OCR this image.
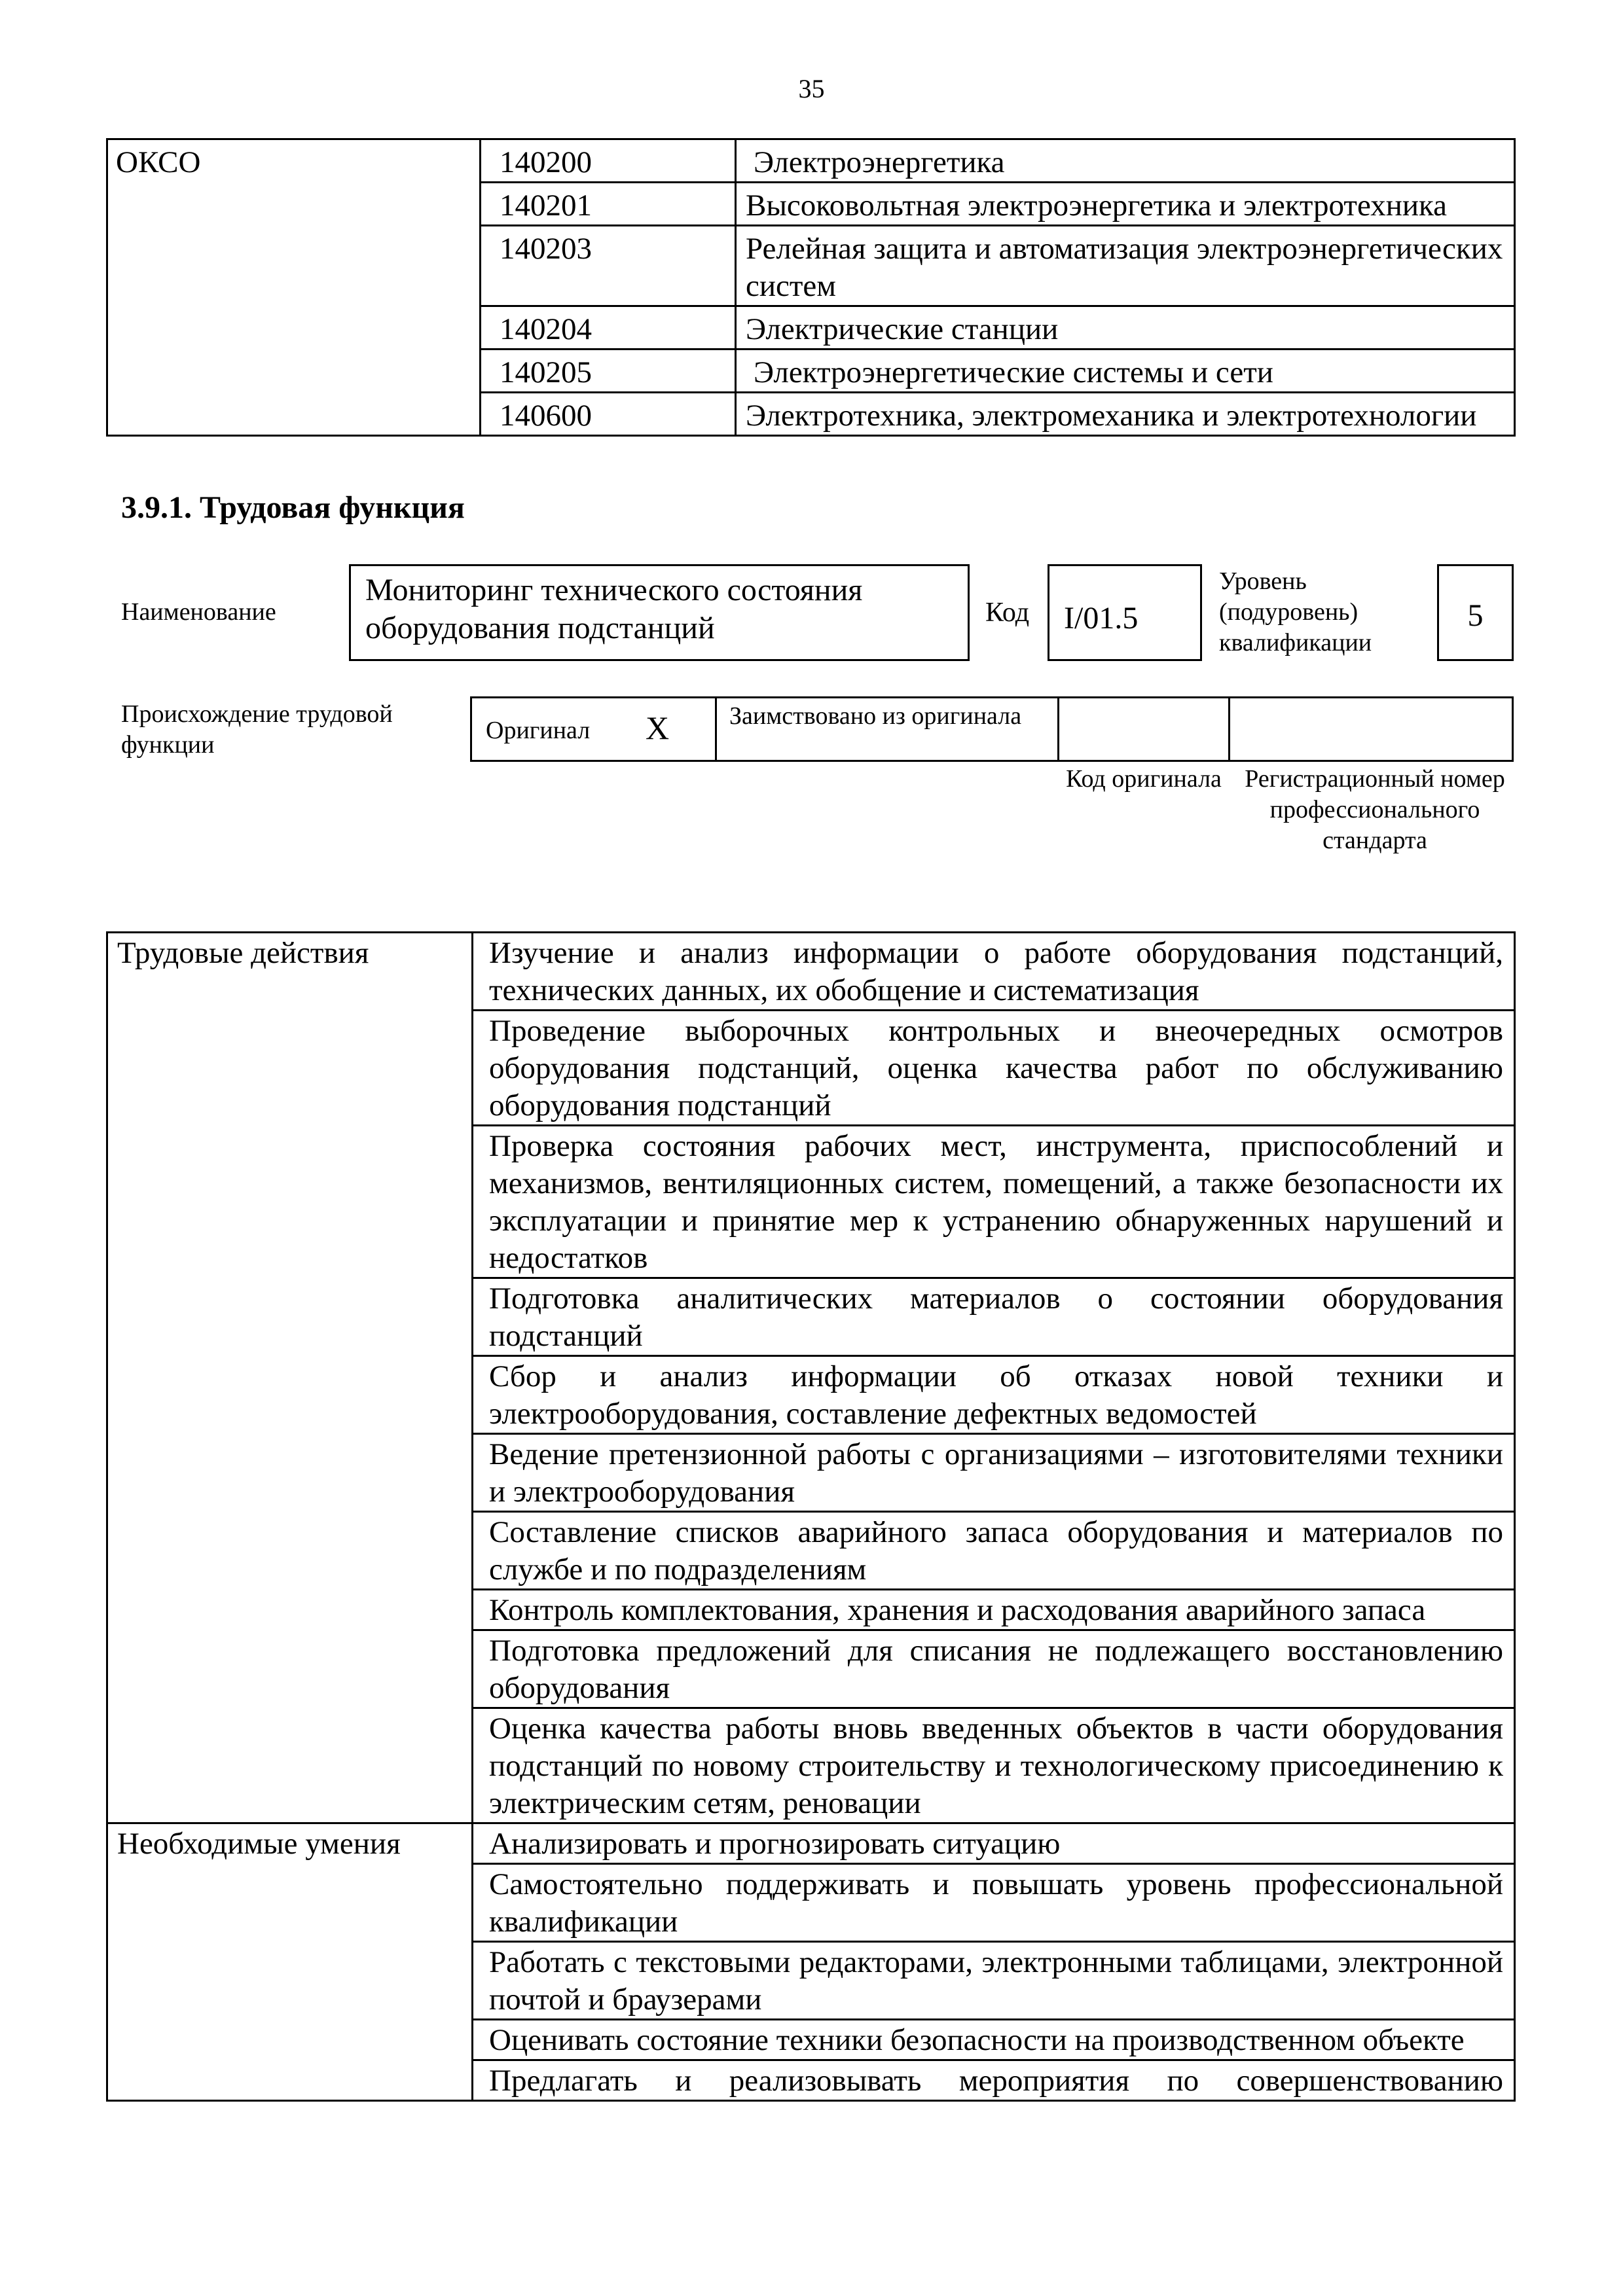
35
ОКСО	140200	Электроэнергетика
	140201	Высоковольтная электроэнергетика и электротехника
	140203	Релейная защита и автоматизация электроэнергетических систем
	140204	Электрические станции
	140205	Электроэнергетические системы и сети
	140600	Электротехника, электромеханика и электротехнологии
3.9.1. Трудовая функция
Наименование
Мониторинг технического состояния оборудования подстанций	Код	I/01.5
Уровень (подуровень) квалификации
5
Происхождение трудовой функции
Оригинал X	Заимствовано из оригинала
Код оригинала Регистрационный номер профессионального стандарта
Трудовые действия	Изучение и анализ информации о работе оборудования подстанций, технических данных, их обобщение и систематизация
	Проведение выборочных контрольных и внеочередных осмотров оборудования подстанций, оценка качества работ по обслуживанию оборудования подстанций
	Проверка состояния рабочих мест, инструмента, приспособлений и механизмов, вентиляционных систем, помещений, а также безопасности их эксплуатации и принятие мер к устранению обнаруженных нарушений и недостатков
	Подготовка аналитических материалов о состоянии оборудования подстанций
	Сбор и анализ информации об отказах новой техники и электрооборудования, составление дефектных ведомостей
	Ведение претензионной работы с организациями – изготовителями техники и электрооборудования
	Составление списков аварийного запаса оборудования и материалов по службе и по подразделениям
	Контроль комплектования, хранения и расходования аварийного запаса
	Подготовка предложений для списания не подлежащего восстановлению оборудования
	Оценка качества работы вновь введенных объектов в части оборудования подстанций по новому строительству и технологическому присоединению к электрическим сетям, реновации
Необходимые умения	Анализировать и прогнозировать ситуацию
	Самостоятельно поддерживать и повышать уровень профессиональной квалификации
	Работать с текстовыми редакторами, электронными таблицами, электронной почтой и браузерами
	Оценивать состояние техники безопасности на производственном объекте
	Предлагать и реализовывать мероприятия по совершенствованию
